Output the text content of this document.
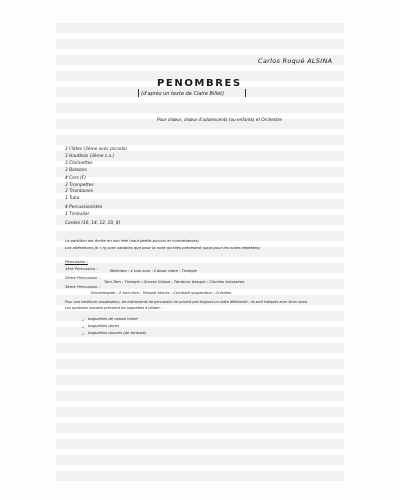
♩
♩
♩
Carlos Roqué ALSINA
PENOMBRES
(d'après un texte de Claire Billet)
Pour chœur, chœur d'adolescents (ou enfants) et Orchestre
3 Flûtes (3ème avec piccolo)
3 Hautbois (3ème c.a.)
3 Clarinettes
3 Bassons
4 Cors (F)
3 Trompettes
3 Trombones
1 Tuba
4 Percussionistes
1 Timbalier
Cordes (16, 14, 12, 10, 8)
La partition est écrite en son réel (sauf petite-piccolo et contrebasses)
Les altérations (b ♯ n) sont valables que pour la note qu'elles précèdent (sauf pour les notes répétées)
Percussion :
1ère Percussion :	Marimba ; 4 tom-tom ; Caisse claire ; Triangle
2ème Percussion :
Tam-Tam ; Triangle ; Grosse Caisse ; Tambour basque ; Cloches tubulaires
3ème Percussion :
Glockenspiel ; 2 tom-tom ; Temple blocks ; Cymbale suspendue ; Crotales
Pour une meilleure visualisation, les instruments de percussion ne suivent pas toujours un ordre déterminé ; ils sont indiqués avec leurs noms
Les symboles suivants précisent les baguettes à utiliser :
baguettes de caisse claire
baguettes dures
baguettes douces (de timbale)
